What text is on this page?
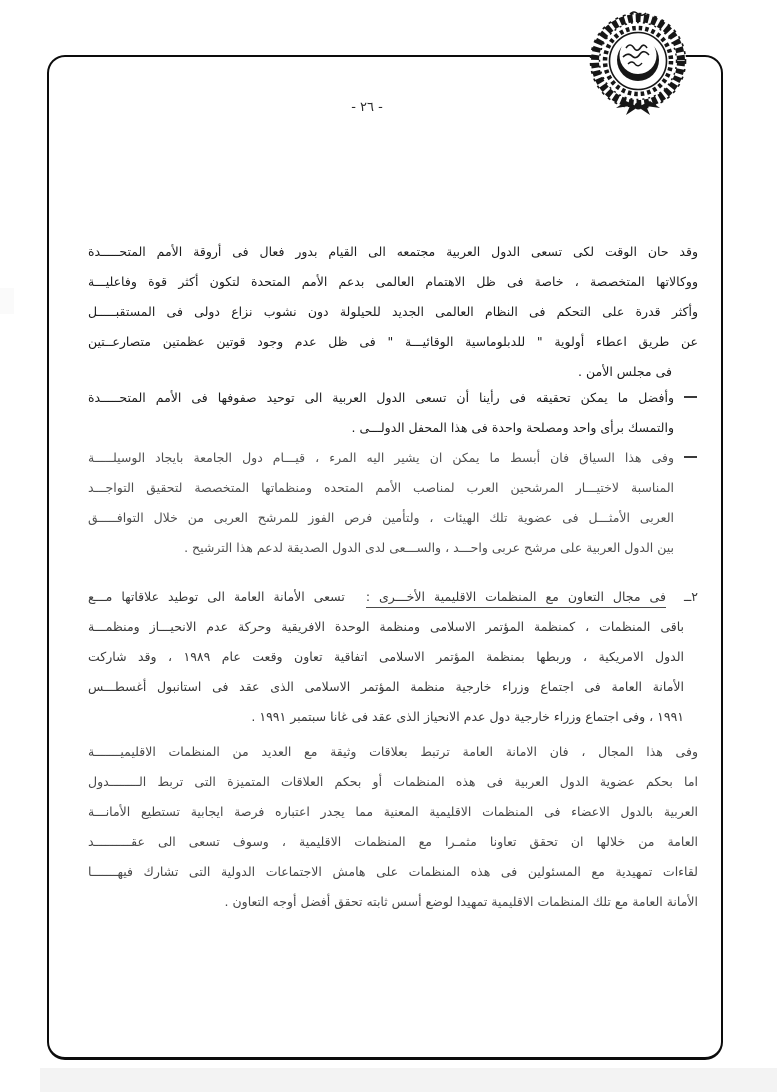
- ٢٦ -
وقد حان الوقت لكى تسعى الدول العربية مجتمعه الى القيام بدور فعال فى أروقة الأمم المتحـــــدة
ووكالاتها المتخصصة ، خاصة فى ظل الاهتمام العالمى بدعم الأمم المتحدة لتكون أكثر قوة وفاعليـــة
وأكثر قدرة على التحكم فى النظام العالمى الجديد للحيلولة دون نشوب نزاع دولى فى المستقبـــــل
عن طريق اعطاء أولوية " للدبلوماسية الوقائيـــة " فى ظل عدم وجود قوتين عظمتين متصارعــتين
فى مجلس الأمن .
وأفضل ما يمكن تحقيقه فى رأينا أن تسعى الدول العربية الى توحيد صفوفها فى الأمم المتحـــــدة
والتمسك برأى واحد ومصلحة واحدة فى هذا المحفل الدولـــى .
وفى هذا السياق فان أبسط ما يمكن ان يشير اليه المرء ، قيـــام دول الجامعة بايجاد الوسيلـــــة
المناسبة لاختيـــار المرشحين العرب لمناصب الأمم المتحده ومنظماتها المتخصصة لتحقيق التواجـــد
العربى الأمثـــل فى عضوية تلك الهيئات ، ولتأمين فرص الفوز للمرشح العربى من خلال التوافـــــق
بين الدول العربية على مرشح عربى واحـــد ، والســـعى لدى الدول الصديقة لدعم هذا الترشيح .
٢ــ فى مجال التعاون مع المنظمات الاقليمية الأخـــرى : تسعى الأمانة العامة الى توطيد علاقاتها مـــع
باقى المنظمات ، كمنظمة المؤتمر الاسلامى ومنظمة الوحدة الافريقية وحركة عدم الانحيـــاز ومنظمـــة
الدول الامريكية ، وربطها بمنظمة المؤتمر الاسلامى اتفاقية تعاون وقعت عام ١٩٨٩ ، وقد شاركت
الأمانة العامة فى اجتماع وزراء خارجية منظمة المؤتمر الاسلامى الذى عقد فى استانبول أغسطـــس
١٩٩١ ، وفى اجتماع وزراء خارجية دول عدم الانحياز الذى عقد فى غانا سبتمبر ١٩٩١ .
وفى هذا المجال ، فان الامانة العامة ترتبط بعلاقات وثيقة مع العديد من المنظمات الاقليميـــــــة
اما بحكم عضوية الدول العربية فى هذه المنظمات أو بحكم العلاقات المتميزة التى تربط الــــــــدول
العربية بالدول الاعضاء فى المنظمات الاقليمية المعنية مما يجدر اعتباره فرصة ايجابية تستطيع الأمانـــة
العامة من خلالها ان تحقق تعاونا مثمـرا مع المنظمات الاقليمية ، وسوف تسعى الى عقــــــــــد
لقاءات تمهيدية مع المسئولين فى هذه المنظمات على هامش الاجتماعات الدولية التى تشارك فيهـــــــا
الأمانة العامة مع تلك المنظمات الاقليمية تمهيدا لوضع أسس ثابته تحقق أفضل أوجه التعاون .
